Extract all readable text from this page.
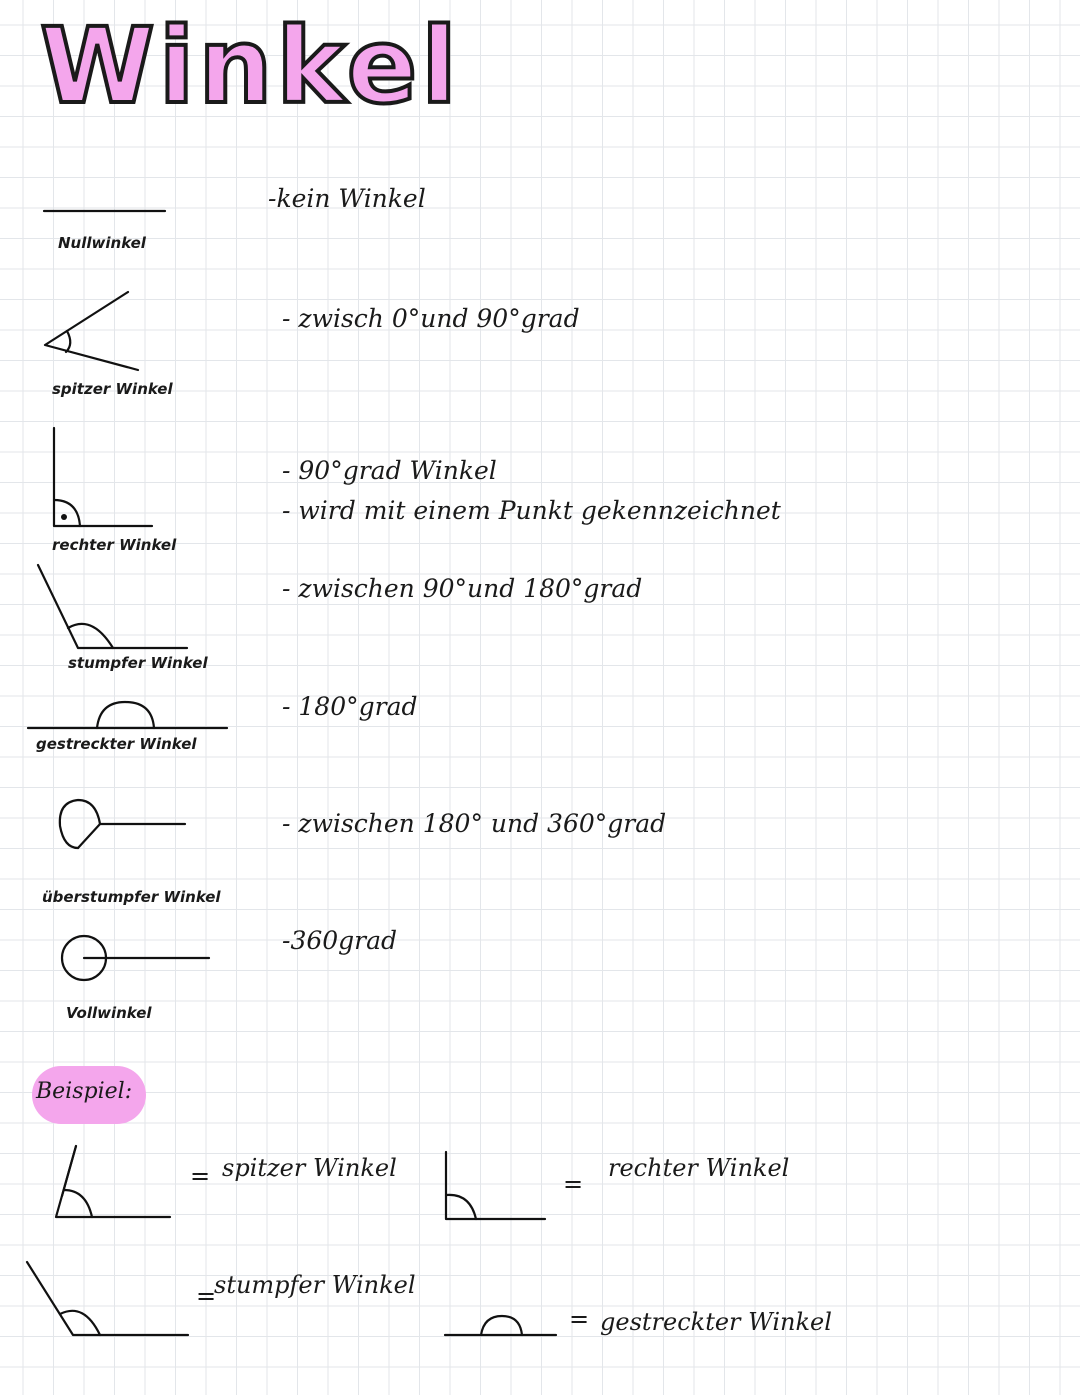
Winkel
Nullwinkel
-kein Winkel
spitzer Winkel
- zwisch 0°und 90°grad
rechter Winkel
- 90°grad Winkel
- wird mit einem Punkt gekennzeichnet
stumpfer Winkel
- zwischen 90°und 180°grad
gestreckter Winkel
- 180°grad
überstumpfer Winkel
- zwischen 180° und 360°grad
Vollwinkel
-360grad
Beispiel:
= spitzer Winkel
=
rechter Winkel
=
stumpfer Winkel
= gestreckter Winkel
